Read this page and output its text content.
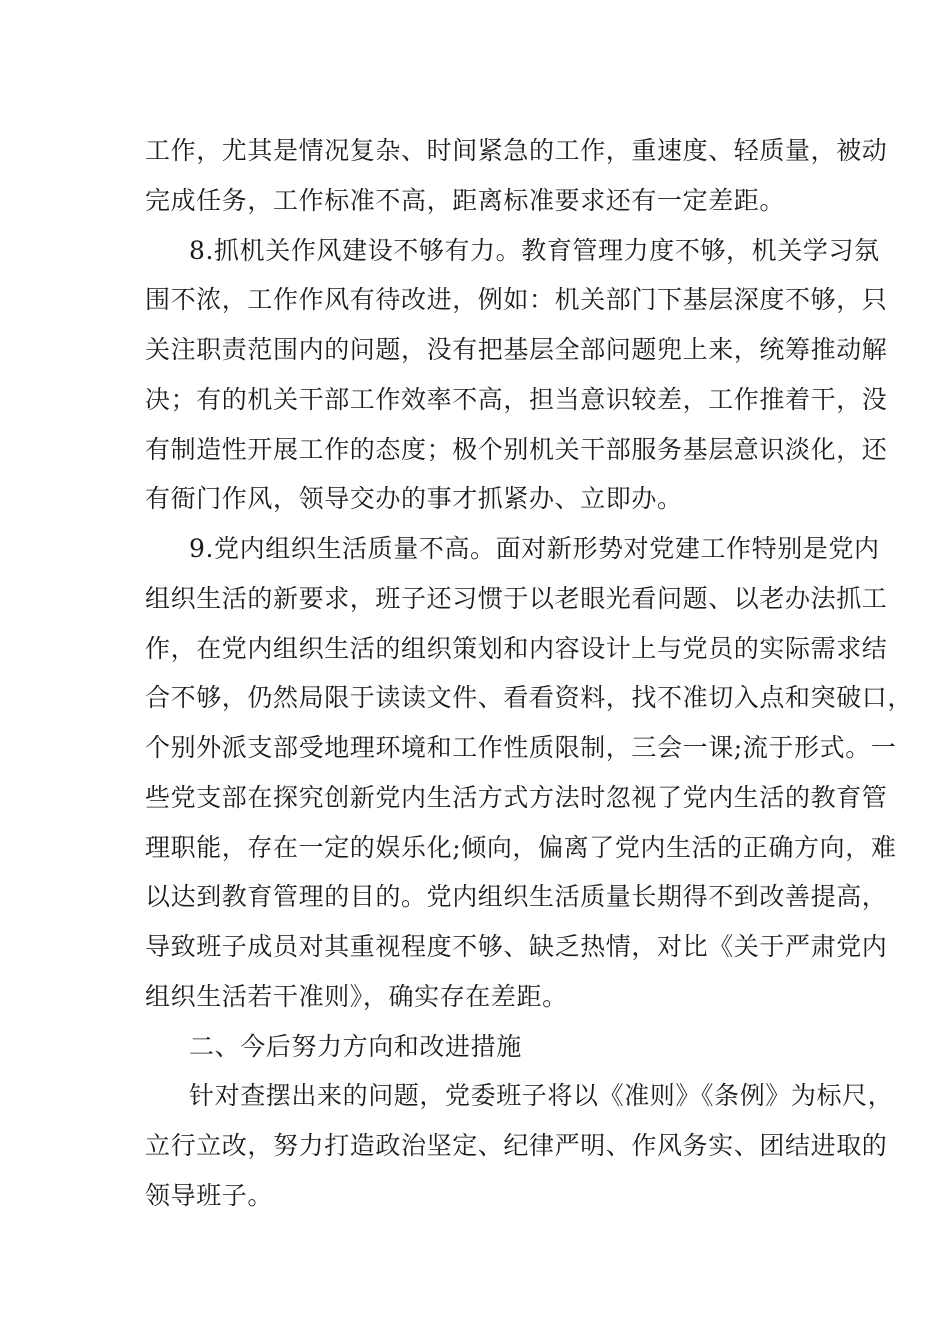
工作，尤其是情况复杂、时间紧急的工作，重速度、轻质量，被动
完成任务，工作标准不高，距离标准要求还有一定差距。
8.抓机关作风建设不够有力。教育管理力度不够，机关学习氛
围不浓，工作作风有待改进，例如：机关部门下基层深度不够，只
关注职责范围内的问题，没有把基层全部问题兜上来，统筹推动解
决；有的机关干部工作效率不高，担当意识较差，工作推着干，没
有制造性开展工作的态度；极个别机关干部服务基层意识淡化，还
有衙门作风，领导交办的事才抓紧办、立即办。
9.党内组织生活质量不高。面对新形势对党建工作特别是党内
组织生活的新要求，班子还习惯于以老眼光看问题、以老办法抓工
作，在党内组织生活的组织策划和内容设计上与党员的实际需求结
合不够，仍然局限于读读文件、看看资料，找不准切入点和突破口，
个别外派支部受地理环境和工作性质限制，三会一课;流于形式。一
些党支部在探究创新党内生活方式方法时忽视了党内生活的教育管
理职能，存在一定的娱乐化;倾向，偏离了党内生活的正确方向，难
以达到教育管理的目的。党内组织生活质量长期得不到改善提高，
导致班子成员对其重视程度不够、缺乏热情，对比《关于严肃党内
组织生活若干准则》，确实存在差距。
二、今后努力方向和改进措施
针对查摆出来的问题，党委班子将以《准则》《条例》为标尺，
立行立改，努力打造政治坚定、纪律严明、作风务实、团结进取的
领导班子。
